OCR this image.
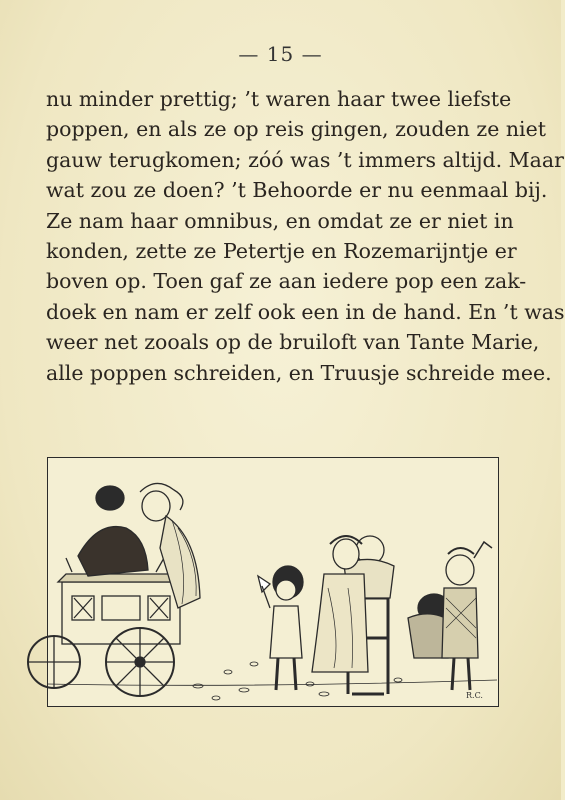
— 15 —
nu minder prettig; ’t waren haar twee liefste
poppen, en als ze op reis gingen, zouden ze niet
gauw terugkomen; zóó was ’t immers altijd. Maar
wat zou ze doen? ’t Behoorde er nu eenmaal bij.
Ze nam haar omnibus, en omdat ze er niet in
konden, zette ze Petertje en Rozemarijntje er
boven op. Toen gaf ze aan iedere pop een zak-
doek en nam er zelf ook een in de hand. En ’t was
weer net zooals op de bruiloft van Tante Marie,
alle poppen schreiden, en Truusje schreide mee.
R.C.
